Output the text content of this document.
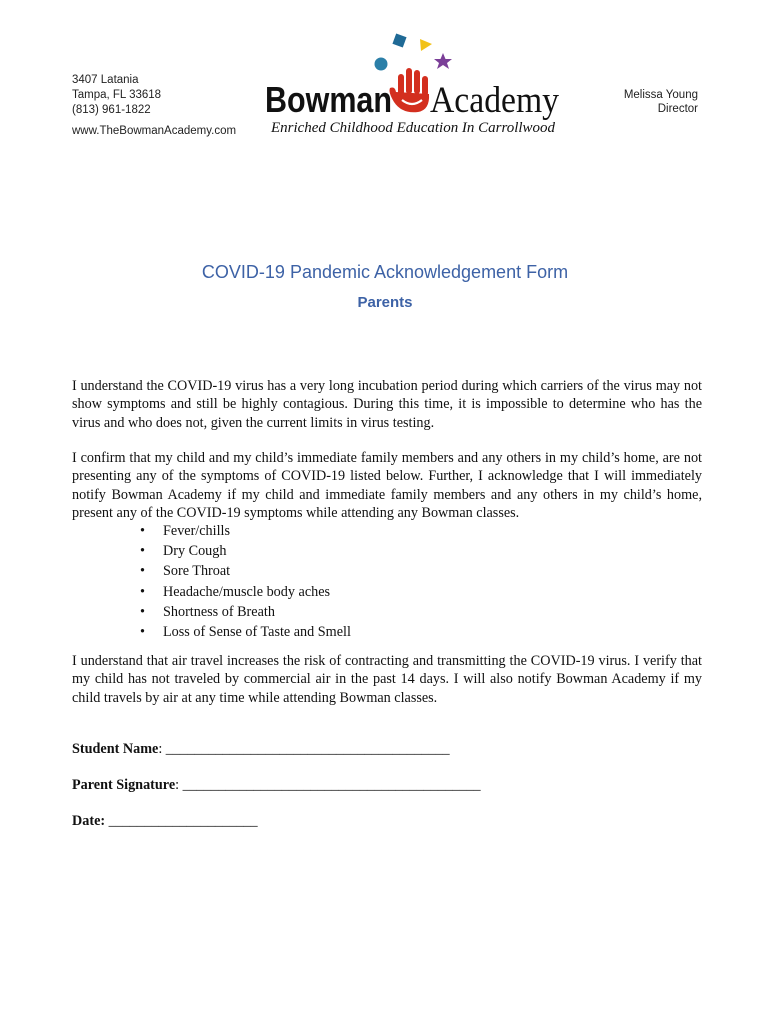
3407 Latania
Tampa, FL 33618
(813) 961-1822
www.TheBowmanAcademy.com
Bowman Academy
Enriched Childhood Education In Carrollwood
Melissa Young
Director
COVID-19 Pandemic Acknowledgement Form
Parents
I understand the COVID-19 virus has a very long incubation period during which carriers of the virus may not show symptoms and still be highly contagious. During this time, it is impossible to determine who has the virus and who does not, given the current limits in virus testing.
I confirm that my child and my child’s immediate family members and any others in my child’s home, are not presenting any of the symptoms of COVID-19 listed below. Further, I acknowledge that I will immediately notify Bowman Academy if my child and immediate family members and any others in my child’s home, present any of the COVID-19 symptoms while attending any Bowman classes.
• Fever/chills
• Dry Cough
• Sore Throat
• Headache/muscle body aches
• Shortness of Breath
• Loss of Sense of Taste and Smell
I understand that air travel increases the risk of contracting and transmitting the COVID-19 virus. I verify that my child has not traveled by commercial air in the past 14 days. I will also notify Bowman Academy if my child travels by air at any time while attending Bowman classes.
Student Name: ________________________________________
Parent Signature: __________________________________________
Date: _____________________
